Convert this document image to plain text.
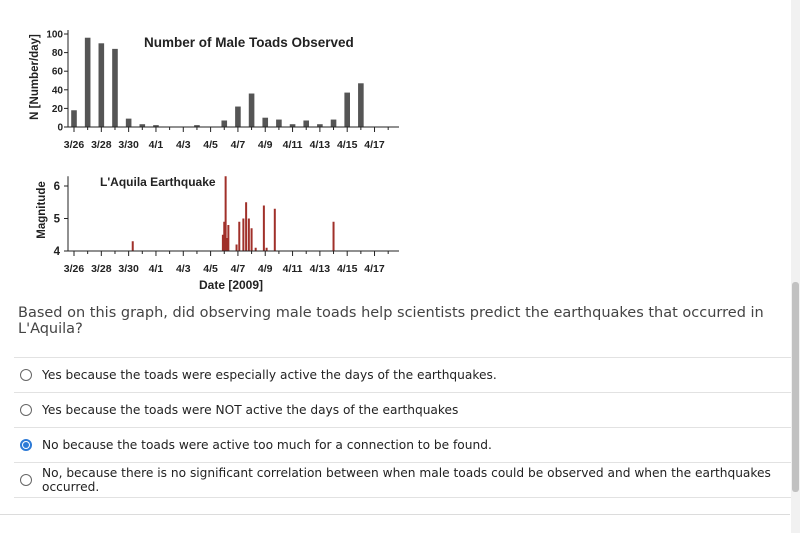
N [Number/day]	Number of Male Toads Observed
0
20
40
60
80
100
3/26 3/28 3/30 4/1 4/3 4/5 4/7 4/9 4/11 4/13 4/15 4/17
Magnitude	L'Aquila Earthquake
4
5
6
3/26 3/28 3/30 4/1 4/3 4/5 4/7 4/9 4/11 4/13 4/15 4/17
Date [2009]
Based on this graph, did observing male toads help scientists predict the earthquakes that occurred in L'Aquila?
Yes because the toads were especially active the days of the earthquakes.
Yes because the toads were NOT active the days of the earthquakes
No because the toads were active too much for a connection to be found.
No, because there is no significant correlation between when male toads could be observed and when the earthquakes occurred.
